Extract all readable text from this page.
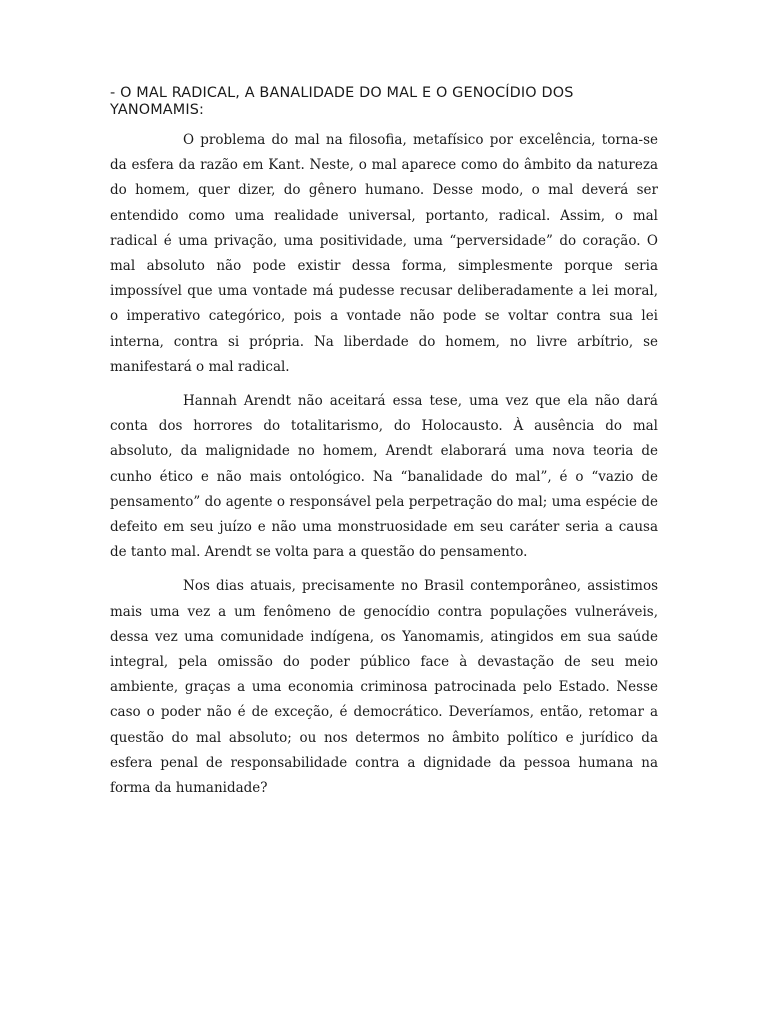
- O MAL RADICAL, A BANALIDADE DO MAL E O GENOCÍDIO DOS YANOMAMIS:

O problema do mal na filosofia, metafísico por excelência, torna-se da esfera da razão em Kant. Neste, o mal aparece como do âmbito da natureza do homem, quer dizer, do gênero humano. Desse modo, o mal deverá ser entendido como uma realidade universal, portanto, radical. Assim, o mal radical é uma privação, uma positividade, uma “perversidade” do coração. O mal absoluto não pode existir dessa forma, simplesmente porque seria impossível que uma vontade má pudesse recusar deliberadamente a lei moral, o imperativo categórico, pois a vontade não pode se voltar contra sua lei interna, contra si própria. Na liberdade do homem, no livre arbítrio, se manifestará o mal radical.

Hannah Arendt não aceitará essa tese, uma vez que ela não dará conta dos horrores do totalitarismo, do Holocausto. À ausência do mal absoluto, da malignidade no homem, Arendt elaborará uma nova teoria de cunho ético e não mais ontológico. Na “banalidade do mal”, é o “vazio de pensamento” do agente o responsável pela perpetração do mal; uma espécie de defeito em seu juízo e não uma monstruosidade em seu caráter seria a causa de tanto mal. Arendt se volta para a questão do pensamento.

Nos dias atuais, precisamente no Brasil contemporâneo, assistimos mais uma vez a um fenômeno de genocídio contra populações vulneráveis, dessa vez uma comunidade indígena, os Yanomamis, atingidos em sua saúde integral, pela omissão do poder público face à devastação de seu meio ambiente, graças a uma economia criminosa patrocinada pelo Estado. Nesse caso o poder não é de exceção, é democrático. Deveríamos, então, retomar a questão do mal absoluto; ou nos determos no âmbito político e jurídico da esfera penal de responsabilidade contra a dignidade da pessoa humana na forma da humanidade?
